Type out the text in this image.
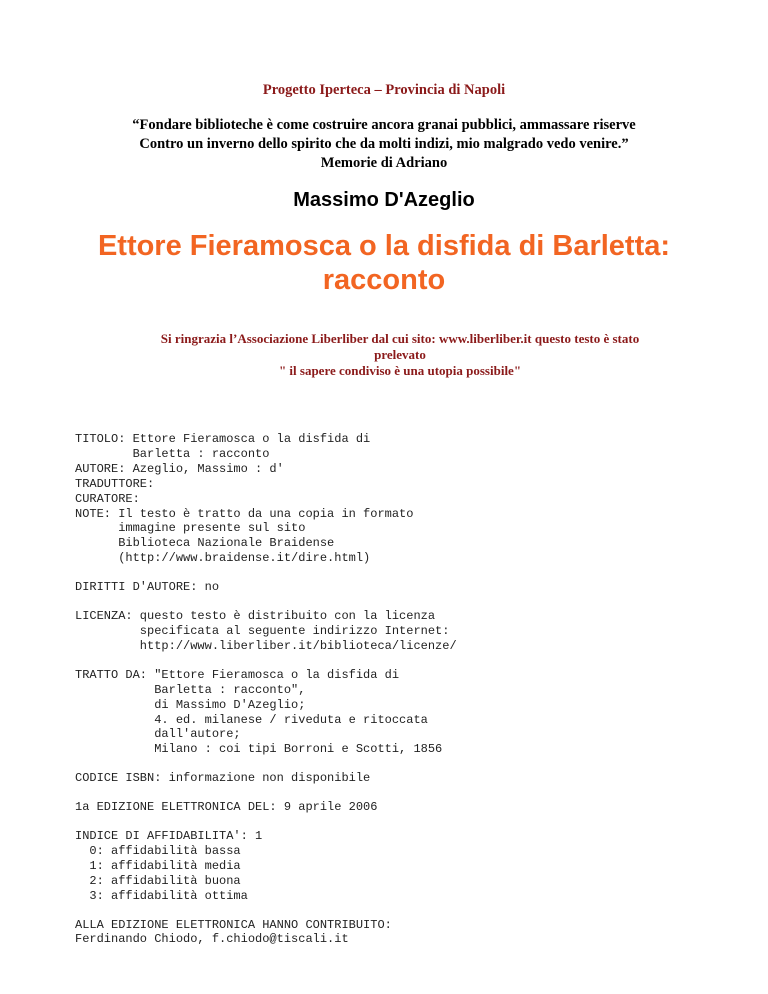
Progetto Iperteca – Provincia di Napoli
“Fondare biblioteche è come costruire ancora granai pubblici, ammassare riserve
Contro un inverno dello spirito che da molti indizi, mio malgrado vedo venire.”
Memorie di Adriano
Massimo D'Azeglio
Ettore Fieramosca o la disfida di Barletta:
racconto
Si ringrazia l’Associazione Liberliber dal cui sito: www.liberliber.it questo testo è stato
prelevato
" il sapere condiviso è una utopia possibile"
TITOLO: Ettore Fieramosca o la disfida di
Barletta : racconto
AUTORE: Azeglio, Massimo : d'
TRADUTTORE:
CURATORE:
NOTE: Il testo è tratto da una copia in formato
immagine presente sul sito
Biblioteca Nazionale Braidense
(http://www.braidense.it/dire.html)
DIRITTI D'AUTORE: no
LICENZA: questo testo è distribuito con la licenza
specificata al seguente indirizzo Internet:
http://www.liberliber.it/biblioteca/licenze/
TRATTO DA: "Ettore Fieramosca o la disfida di
Barletta : racconto",
di Massimo D'Azeglio;
4. ed. milanese / riveduta e ritoccata
dall'autore;
Milano : coi tipi Borroni e Scotti, 1856
CODICE ISBN: informazione non disponibile
1a EDIZIONE ELETTRONICA DEL: 9 aprile 2006
INDICE DI AFFIDABILITA': 1
0: affidabilità bassa
1: affidabilità media
2: affidabilità buona
3: affidabilità ottima
ALLA EDIZIONE ELETTRONICA HANNO CONTRIBUITO:
Ferdinando Chiodo, f.chiodo@tiscali.it
